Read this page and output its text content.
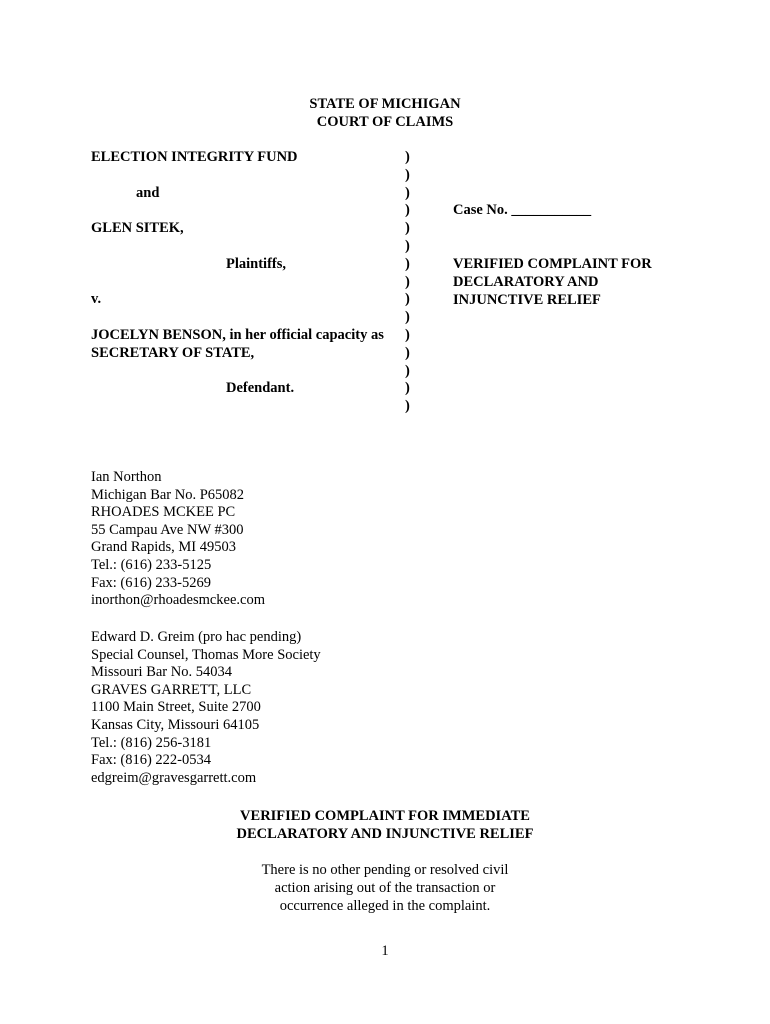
STATE OF MICHIGAN
COURT OF CLAIMS
ELECTION INTEGRITY FUND
and
GLEN SITEK,
Plaintiffs,
v.
JOCELYN BENSON, in her official capacity as
SECRETARY OF STATE,
Defendant.
)
)
)
)
)
)
)
)
)
)
)
)
)
)
)
Case No. ___________
VERIFIED COMPLAINT FOR
DECLARATORY AND
INJUNCTIVE RELIEF
Ian Northon
Michigan Bar No. P65082
RHOADES MCKEE PC
55 Campau Ave NW #300
Grand Rapids, MI 49503
Tel.: (616) 233-5125
Fax: (616) 233-5269
inorthon@rhoadesmckee.com
Edward D. Greim (pro hac pending)
Special Counsel, Thomas More Society
Missouri Bar No. 54034
GRAVES GARRETT, LLC
1100 Main Street, Suite 2700
Kansas City, Missouri 64105
Tel.: (816) 256-3181
Fax: (816) 222-0534
edgreim@gravesgarrett.com
VERIFIED COMPLAINT FOR IMMEDIATE
DECLARATORY AND INJUNCTIVE RELIEF
There is no other pending or resolved civil
action arising out of the transaction or
occurrence alleged in the complaint.
1
